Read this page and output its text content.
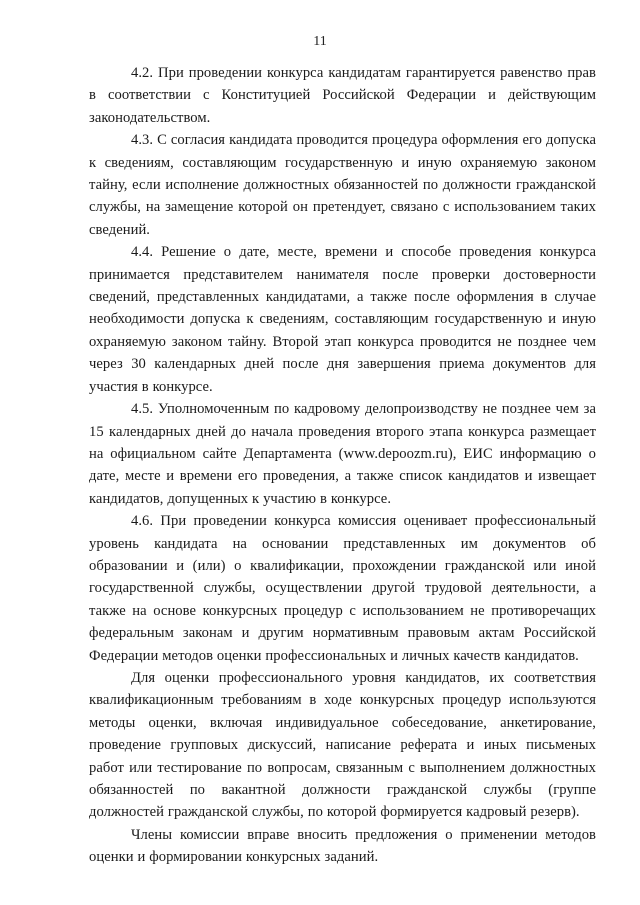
11

4.2. При проведении конкурса кандидатам гарантируется равенство прав в соответствии с Конституцией Российской Федерации и действующим законодательством.

4.3. С согласия кандидата проводится процедура оформления его допуска к сведениям, составляющим государственную и иную охраняемую законом тайну, если исполнение должностных обязанностей по должности гражданской службы, на замещение которой он претендует, связано с использованием таких сведений.

4.4. Решение о дате, месте, времени и способе проведения конкурса принимается представителем нанимателя после проверки достоверности сведений, представленных кандидатами, а также после оформления в случае необходимости допуска к сведениям, составляющим государственную и иную охраняемую законом тайну. Второй этап конкурса проводится не позднее чем через 30 календарных дней после дня завершения приема документов для участия в конкурсе.

4.5. Уполномоченным по кадровому делопроизводству не позднее чем за 15 календарных дней до начала проведения второго этапа конкурса размещает на официальном сайте Департамента (www.depoozm.ru), ЕИС информацию о дате, месте и времени его проведения, а также список кандидатов и извещает кандидатов, допущенных к участию в конкурсе.

4.6. При проведении конкурса комиссия оценивает профессиональный уровень кандидата на основании представленных им документов об образовании и (или) о квалификации, прохождении гражданской или иной государственной службы, осуществлении другой трудовой деятельности, а также на основе конкурсных процедур с использованием не противоречащих федеральным законам и другим нормативным правовым актам Российской Федерации методов оценки профессиональных и личных качеств кандидатов.

Для оценки профессионального уровня кандидатов, их соответствия квалификационным требованиям в ходе конкурсных процедур используются методы оценки, включая индивидуальное собеседование, анкетирование, проведение групповых дискуссий, написание реферата и иных письменых работ или тестирование по вопросам, связанным с выполнением должностных обязанностей по вакантной должности гражданской службы (группе должностей гражданской службы, по которой формируется кадровый резерв).

Члены комиссии вправе вносить предложения о применении методов оценки и формировании конкурсных заданий.
